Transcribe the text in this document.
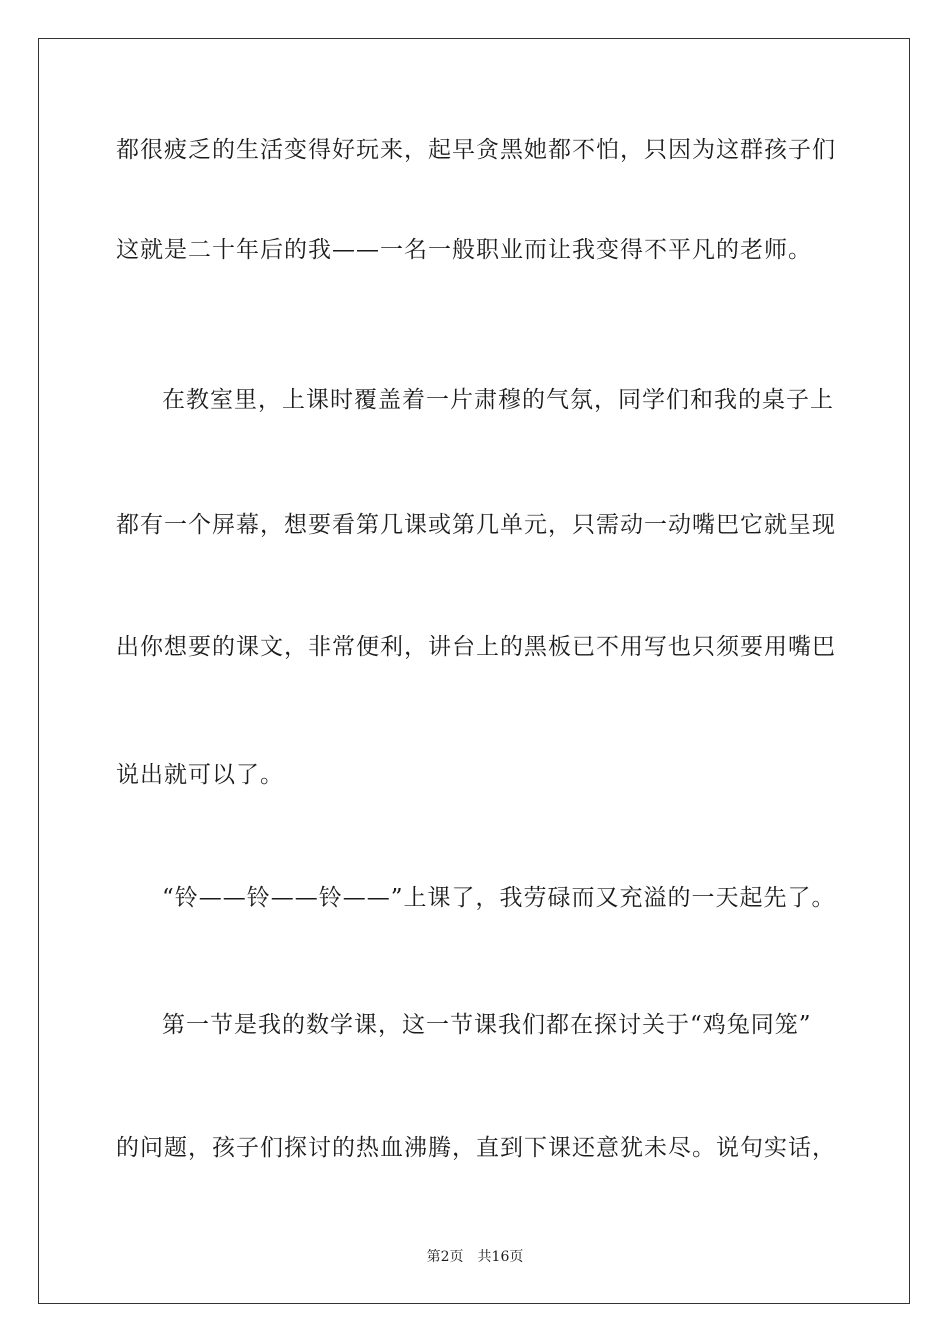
都很疲乏的生活变得好玩来，起早贪黑她都不怕，只因为这群孩子们
这就是二十年后的我——一名一般职业而让我变得不平凡的老师。
在教室里，上课时覆盖着一片肃穆的气氛，同学们和我的桌子上
都有一个屏幕，想要看第几课或第几单元，只需动一动嘴巴它就呈现
出你想要的课文，非常便利，讲台上的黑板已不用写也只须要用嘴巴
说出就可以了。
“铃——铃——铃——”上课了，我劳碌而又充溢的一天起先了。
第一节是我的数学课，这一节课我们都在探讨关于“鸡兔同笼”
的问题，孩子们探讨的热血沸腾，直到下课还意犹未尽。说句实话，
第2页 共16页
